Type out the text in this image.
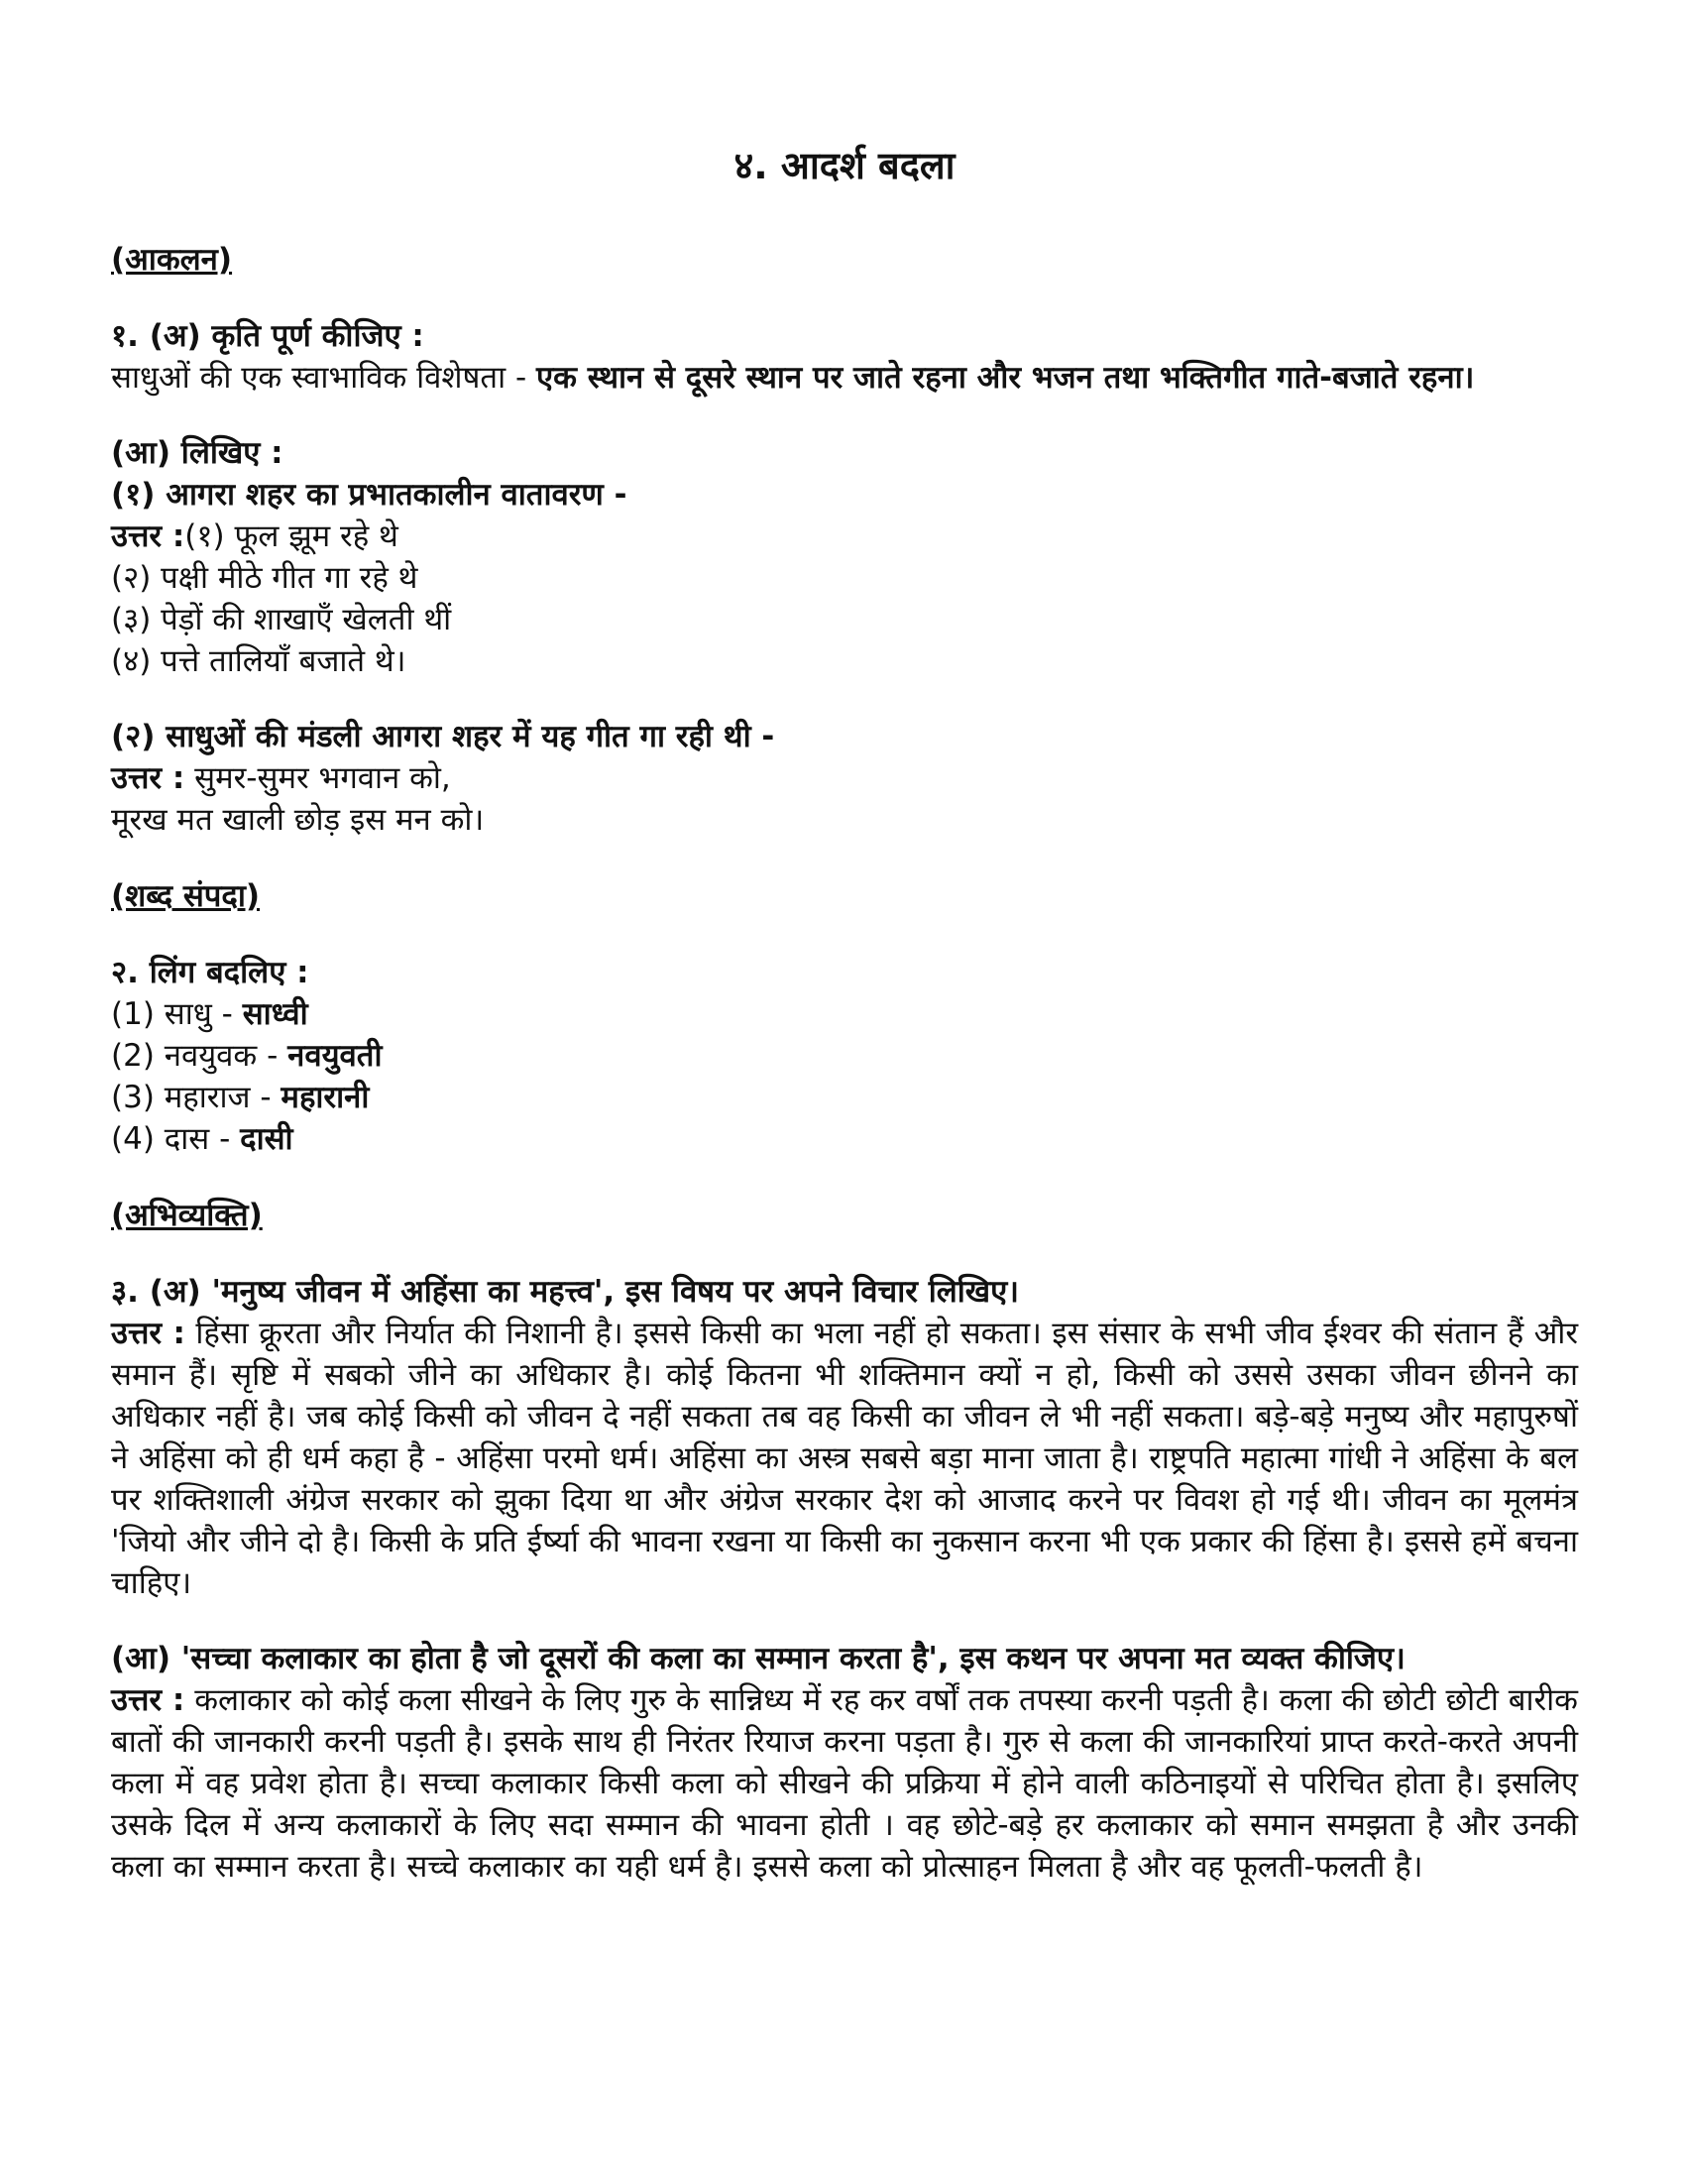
४. आदर्श बदला

(आकलन)

१. (अ) कृति पूर्ण कीजिए :

साधुओं की एक स्वाभाविक विशेषता - एक स्थान से दूसरे स्थान पर जाते रहना और भजन तथा भक्तिगीत गाते-बजाते रहना।

(आ) लिखिए :

(१) आगरा शहर का प्रभातकालीन वातावरण -

उत्तर :(१) फूल झूम रहे थे

(२) पक्षी मीठे गीत गा रहे थे

(३) पेड़ों की शाखाएँ खेलती थीं

(४) पत्ते तालियाँ बजाते थे।

(२) साधुओं की मंडली आगरा शहर में यह गीत गा रही थी -

उत्तर : सुमर-सुमर भगवान को,

मूरख मत खाली छोड़ इस मन को।

(शब्द संपदा)

२. लिंग बदलिए :

(1) साधु - साध्वी

(2) नवयुवक - नवयुवती

(3) महाराज - महारानी

(4) दास - दासी

(अभिव्यक्ति)

३. (अ) 'मनुष्य जीवन में अहिंसा का महत्त्व', इस विषय पर अपने विचार लिखिए।

उत्तर : हिंसा क्रूरता और निर्यात की निशानी है। इससे किसी का भला नहीं हो सकता। इस संसार के सभी जीव ईश्वर की संतान हैं और समान हैं। सृष्टि में सबको जीने का अधिकार है। कोई कितना भी शक्तिमान क्यों न हो, किसी को उससे उसका जीवन छीनने का अधिकार नहीं है। जब कोई किसी को जीवन दे नहीं सकता तब वह किसी का जीवन ले भी नहीं सकता। बड़े-बड़े मनुष्य और महापुरुषों ने अहिंसा को ही धर्म कहा है - अहिंसा परमो धर्म। अहिंसा का अस्त्र सबसे बड़ा माना जाता है। राष्ट्रपति महात्मा गांधी ने अहिंसा के बल पर शक्तिशाली अंग्रेज सरकार को झुका दिया था और अंग्रेज सरकार देश को आजाद करने पर विवश हो गई थी। जीवन का मूलमंत्र 'जियो और जीने दो है। किसी के प्रति ईर्ष्या की भावना रखना या किसी का नुकसान करना भी एक प्रकार की हिंसा है। इससे हमें बचना चाहिए।

(आ) 'सच्चा कलाकार का होता है जो दूसरों की कला का सम्मान करता है', इस कथन पर अपना मत व्यक्त कीजिए।

उत्तर : कलाकार को कोई कला सीखने के लिए गुरु के सान्निध्य में रह कर वर्षों तक तपस्या करनी पड़ती है। कला की छोटी छोटी बारीक बातों की जानकारी करनी पड़ती है। इसके साथ ही निरंतर रियाज करना पड़ता है। गुरु से कला की जानकारियां प्राप्त करते-करते अपनी कला में वह प्रवेश होता है। सच्चा कलाकार किसी कला को सीखने की प्रक्रिया में होने वाली कठिनाइयों से परिचित होता है। इसलिए उसके दिल में अन्य कलाकारों के लिए सदा सम्मान की भावना होती । वह छोटे-बड़े हर कलाकार को समान समझता है और उनकी कला का सम्मान करता है। सच्चे कलाकार का यही धर्म है। इससे कला को प्रोत्साहन मिलता है और वह फूलती-फलती है।
